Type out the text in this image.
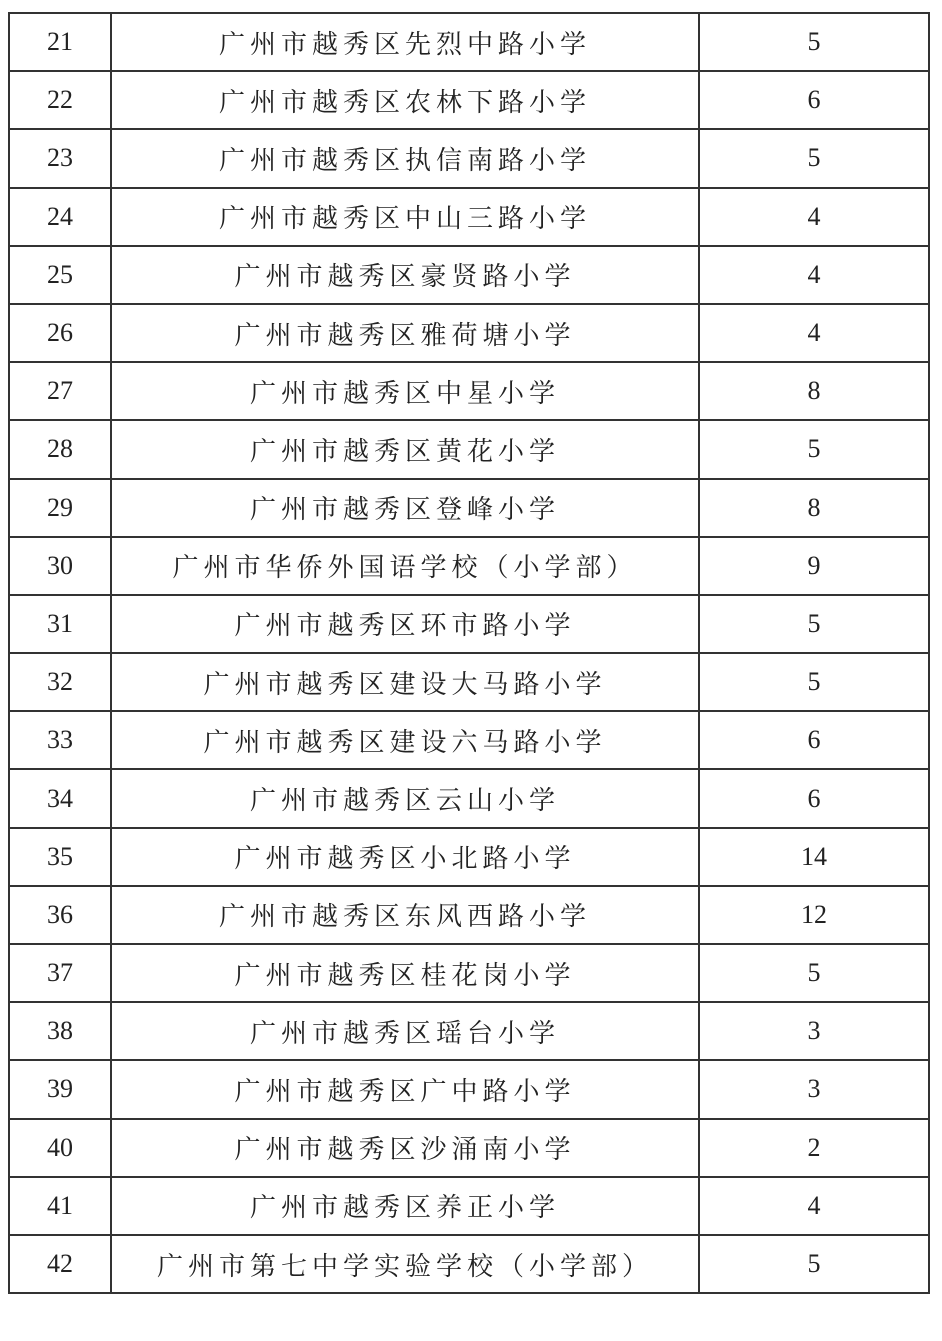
21	广州市越秀区先烈中路小学	5
22	广州市越秀区农林下路小学	6
23	广州市越秀区执信南路小学	5
24	广州市越秀区中山三路小学	4
25	广州市越秀区豪贤路小学	4
26	广州市越秀区雅荷塘小学	4
27	广州市越秀区中星小学	8
28	广州市越秀区黄花小学	5
29	广州市越秀区登峰小学	8
30	广州市华侨外国语学校（小学部）	9
31	广州市越秀区环市路小学	5
32	广州市越秀区建设大马路小学	5
33	广州市越秀区建设六马路小学	6
34	广州市越秀区云山小学	6
35	广州市越秀区小北路小学	14
36	广州市越秀区东风西路小学	12
37	广州市越秀区桂花岗小学	5
38	广州市越秀区瑶台小学	3
39	广州市越秀区广中路小学	3
40	广州市越秀区沙涌南小学	2
41	广州市越秀区养正小学	4
42	广州市第七中学实验学校（小学部）	5
